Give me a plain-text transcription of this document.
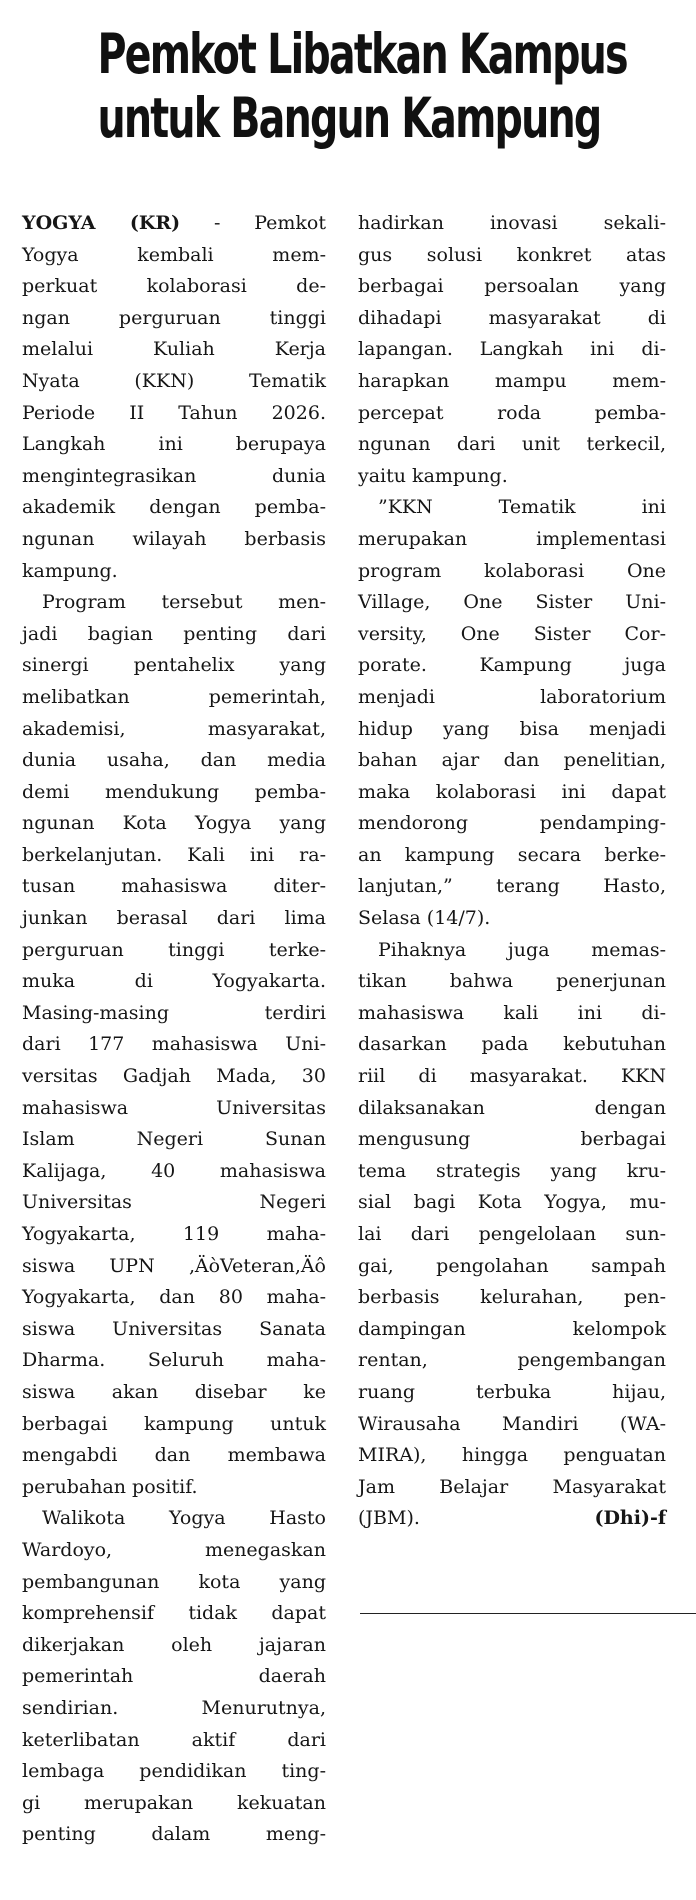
Pemkot Libatkan Kampus
untuk Bangun Kampung
YOGYA (KR) - Pemkot
Yogya kembali mem-
perkuat kolaborasi de-
ngan perguruan tinggi
melalui Kuliah Kerja
Nyata (KKN) Tematik
Periode II Tahun 2026.
Langkah ini berupaya
mengintegrasikan dunia
akademik dengan pemba-
ngunan wilayah berbasis
kampung.
Program tersebut men-
jadi bagian penting dari
sinergi pentahelix yang
melibatkan pemerintah,
akademisi, masyarakat,
dunia usaha, dan media
demi mendukung pemba-
ngunan Kota Yogya yang
berkelanjutan. Kali ini ra-
tusan mahasiswa diter-
junkan berasal dari lima
perguruan tinggi terke-
muka di Yogyakarta.
Masing-masing terdiri
dari 177 mahasiswa Uni-
versitas Gadjah Mada, 30
mahasiswa Universitas
Islam Negeri Sunan
Kalijaga, 40 mahasiswa
Universitas Negeri
Yogyakarta, 119 maha-
siswa UPN ‚ÄòVeteran‚Äô
Yogyakarta, dan 80 maha-
siswa Universitas Sanata
Dharma. Seluruh maha-
siswa akan disebar ke
berbagai kampung untuk
mengabdi dan membawa
perubahan positif.
Walikota Yogya Hasto
Wardoyo, menegaskan
pembangunan kota yang
komprehensif tidak dapat
dikerjakan oleh jajaran
pemerintah daerah
sendirian. Menurutnya,
keterlibatan aktif dari
lembaga pendidikan ting-
gi merupakan kekuatan
penting dalam meng-
hadirkan inovasi sekali-
gus solusi konkret atas
berbagai persoalan yang
dihadapi masyarakat di
lapangan. Langkah ini di-
harapkan mampu mem-
percepat roda pemba-
ngunan dari unit terkecil,
yaitu kampung.
”KKN Tematik ini
merupakan implementasi
program kolaborasi One
Village, One Sister Uni-
versity, One Sister Cor-
porate. Kampung juga
menjadi laboratorium
hidup yang bisa menjadi
bahan ajar dan penelitian,
maka kolaborasi ini dapat
mendorong pendamping-
an kampung secara berke-
lanjutan,” terang Hasto,
Selasa (14/7).
Pihaknya juga memas-
tikan bahwa penerjunan
mahasiswa kali ini di-
dasarkan pada kebutuhan
riil di masyarakat. KKN
dilaksanakan dengan
mengusung berbagai
tema strategis yang kru-
sial bagi Kota Yogya, mu-
lai dari pengelolaan sun-
gai, pengolahan sampah
berbasis kelurahan, pen-
dampingan kelompok
rentan, pengembangan
ruang terbuka hijau,
Wirausaha Mandiri (WA-
MIRA), hingga penguatan
Jam Belajar Masyarakat
(JBM).	(Dhi)-f
